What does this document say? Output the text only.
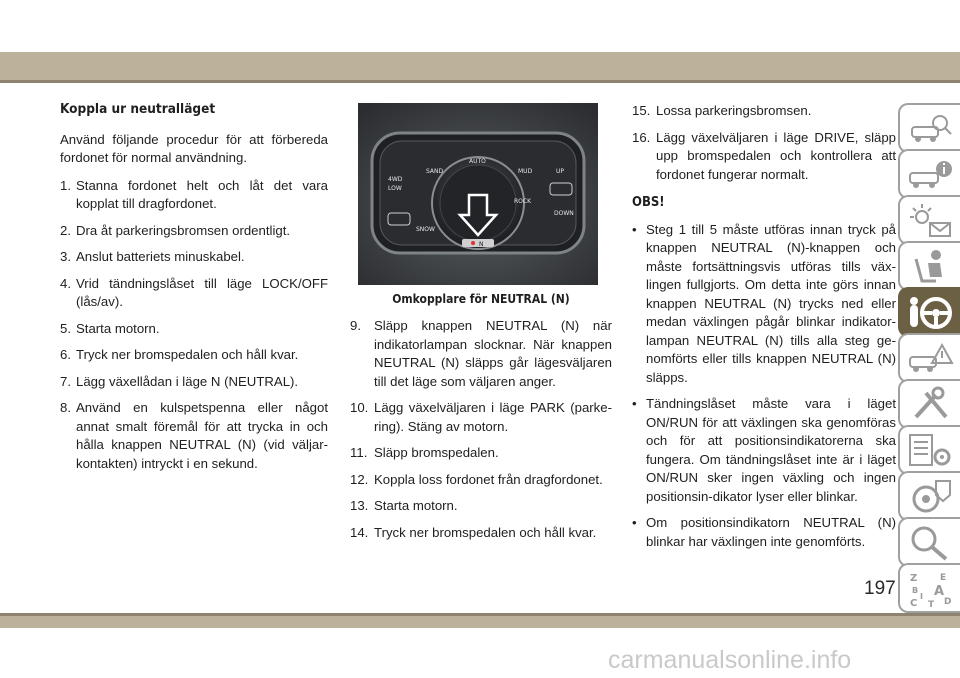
Koppla ur neutralläget

Använd följande procedur för att förbereda fordonet för normal användning.

1. Stanna fordonet helt och låt det vara kopplat till dragfordonet.
2. Dra åt parkeringsbromsen ordentligt.
3. Anslut batteriets minuskabel.
4. Vrid tändningslåset till läge LOCK/OFF (lås/av).
5. Starta motorn.
6. Tryck ner bromspedalen och håll kvar.
7. Lägg växellådan i läge N (NEUTRAL).
8. Använd en kulspetspenna eller något annat smalt föremål för att trycka in och hålla knappen NEUTRAL (N) (vid väljar-kontakten) intryckt i en sekund.
AUTO
SAND	MUD
4WD
LOW
UP
SNOW
ROCK
DOWN
N
Omkopplare för NEUTRAL (N)
9. Släpp knappen NEUTRAL (N) när indikatorlampan slocknar. När knappen NEUTRAL (N) släpps går lägesväljaren till det läge som väljaren anger.
10. Lägg växelväljaren i läge PARK (parke-ring). Stäng av motorn.
11. Släpp bromspedalen.
12. Koppla loss fordonet från dragfordonet.
13. Starta motorn.
14. Tryck ner bromspedalen och håll kvar.
15. Lossa parkeringsbromsen.
16. Lägg växelväljaren i läge DRIVE, släpp upp bromspedalen och kontrollera att fordonet fungerar normalt.
OBS!
• Steg 1 till 5 måste utföras innan tryck på knappen NEUTRAL (N)-knappen och måste fortsättningsvis utföras tills väx-lingen fullgjorts. Om detta inte görs innan knappen NEUTRAL (N) trycks ned eller medan växlingen pågår blinkar indikator-lampan NEUTRAL (N) tills alla steg ge-nomförts eller tills knappen NEUTRAL (N) släpps.
• Tändningslåset måste vara i läget ON/RUN för att växlingen ska genomföras och för att positionsindikatorerna ska fungera. Om tändningslåset inte är i läget ON/RUN sker ingen växling och ingen positionsin-dikator lyser eller blinkar.
• Om positionsindikatorn NEUTRAL (N) blinkar har växlingen inte genomförts.
Z	E
B A
D
C
I
T
197
carmanualsonline.info
